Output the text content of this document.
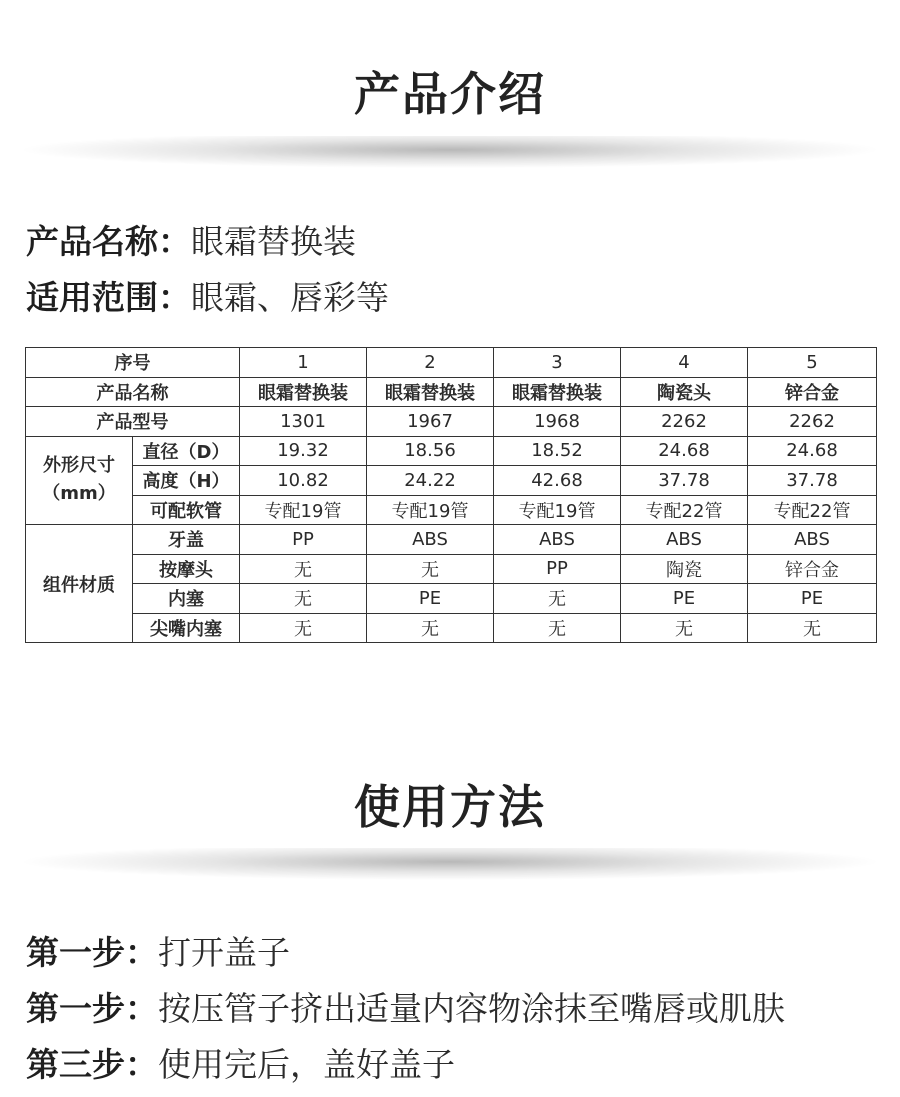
产品介绍
产品名称：眼霜替换装
适用范围：眼霜、唇彩等
序号		1	2	3	4	5
产品名称		眼霜替换装	眼霜替换装	眼霜替换装	陶瓷头	锌合金
产品型号		1301	1967	1968	2262	2262

外形尺寸
（mm）	直径（D）	19.32	18.56	18.52	24.68	24.68
	高度（H）	10.82	24.22	42.68	37.78	37.78
	可配软管	专配19管	专配19管	专配19管	专配22管	专配22管
组件材质	牙盖	PP	ABS	ABS	ABS	ABS
	按摩头	无	无	PP	陶瓷	锌合金
	内塞	无	PE	无	PE	PE
	尖嘴内塞	无	无	无	无	无
使用方法
第一步：打开盖子
第一步：按压管子挤出适量内容物涂抹至嘴唇或肌肤
第三步：使用完后，盖好盖子
